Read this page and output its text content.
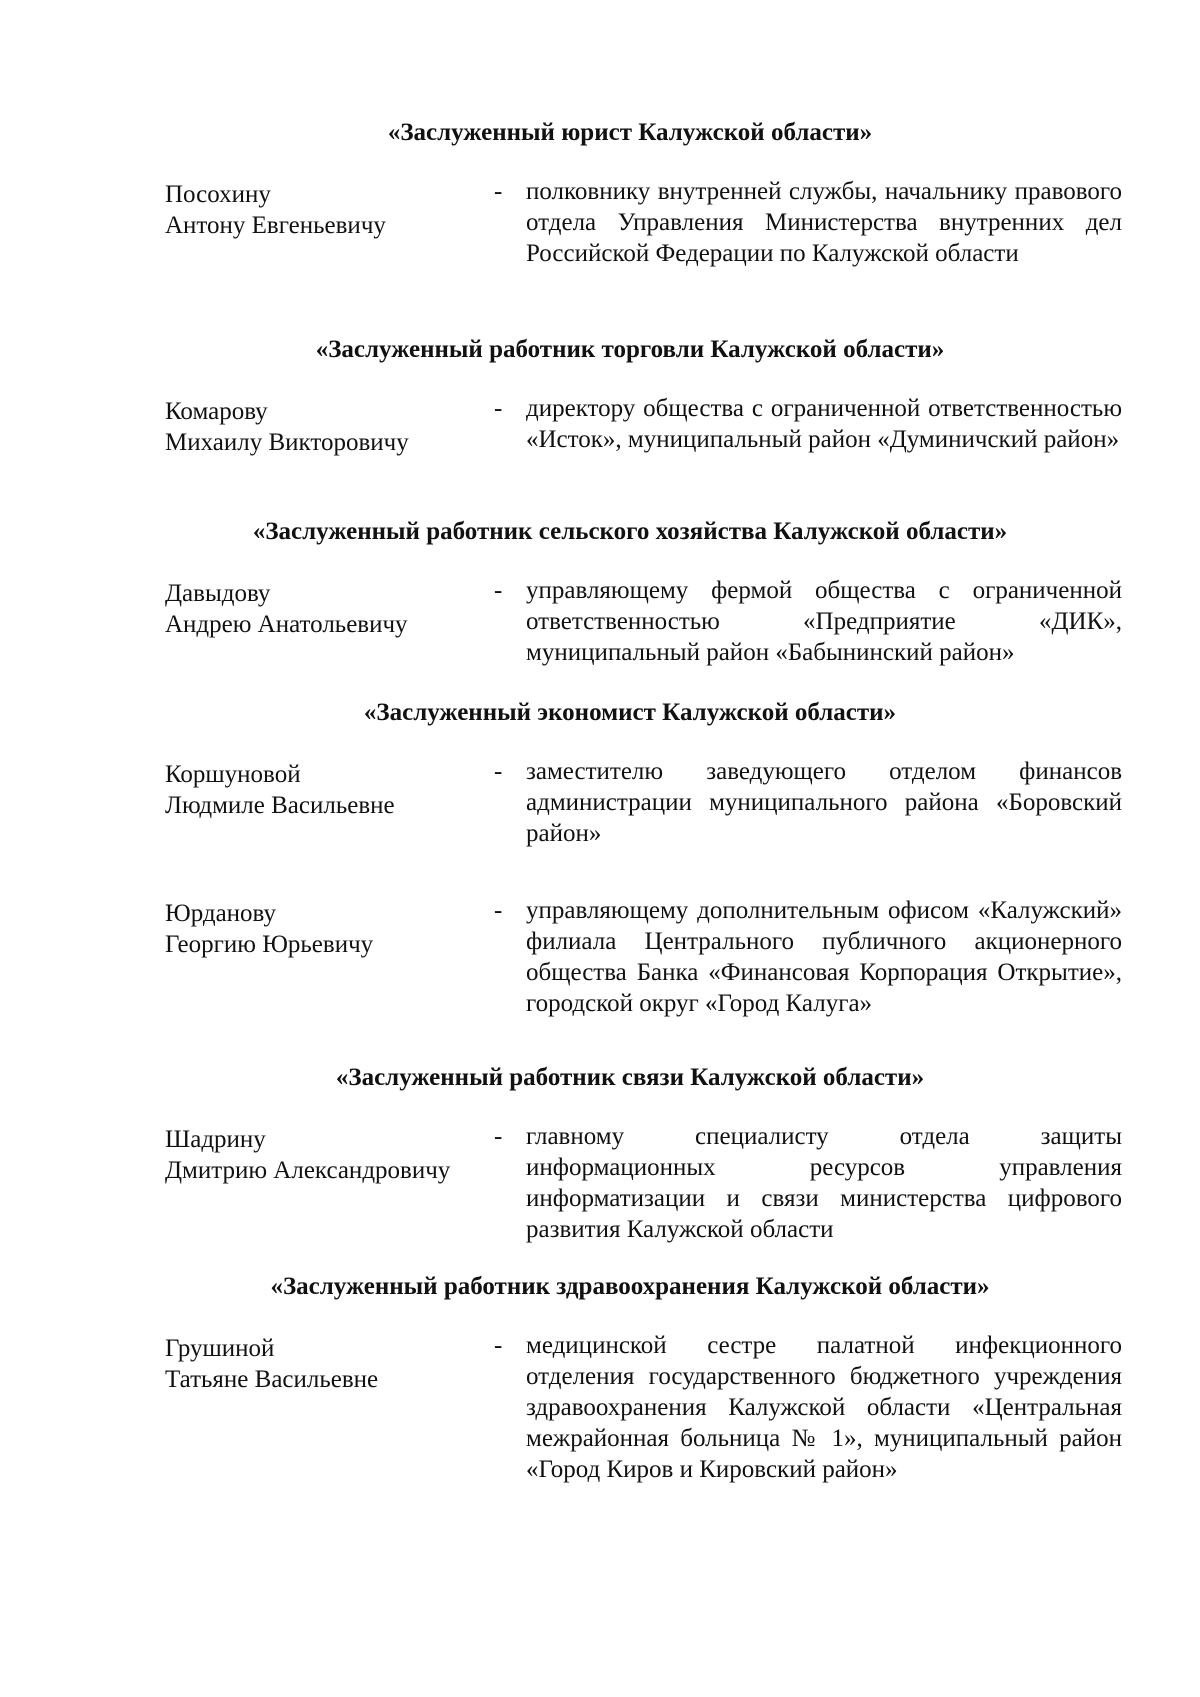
«Заслуженный юрист Калужской области»
Посохину
Антону Евгеньевичу
- полковнику внутренней службы, начальнику правового отдела Управления Министерства внутренних дел Российской Федерации по Калужской области
«Заслуженный работник торговли Калужской области»
Комарову
Михаилу Викторовичу
- директору общества с ограниченной ответственностью «Исток», муниципальный район «Думиничский район»
«Заслуженный работник сельского хозяйства Калужской области»
Давыдову
Андрею Анатольевичу
- управляющему фермой общества с ограниченной ответственностью «Предприятие «ДИК», муниципальный район «Бабынинский район»
«Заслуженный экономист Калужской области»
Коршуновой
Людмиле Васильевне
- заместителю заведующего отделом финансов администрации муниципального района «Боровский район»
Юрданову
Георгию Юрьевичу
- управляющему дополнительным офисом «Калужский» филиала Центрального публичного акционерного общества Банка «Финансовая Корпорация Открытие», городской округ «Город Калуга»
«Заслуженный работник связи Калужской области»
Шадрину
Дмитрию Александровичу
- главному специалисту отдела защиты информационных ресурсов управления информатизации и связи министерства цифрового развития Калужской области
«Заслуженный работник здравоохранения Калужской области»
Грушиной
Татьяне Васильевне
- медицинской сестре палатной инфекционного отделения государственного бюджетного учреждения здравоохранения Калужской области «Центральная межрайонная больница № 1», муниципальный район «Город Киров и Кировский район»
